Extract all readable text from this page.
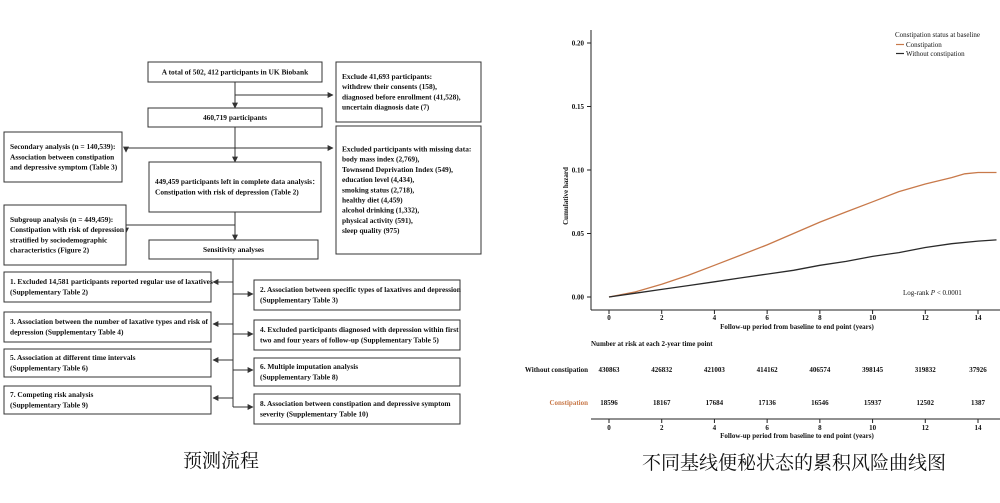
A total of 502, 412 participants in UK Biobank
Exclude 41,693 participants:
withdrew their consents (158),
diagnosed before enrollment (41,528),
uncertain diagnosis date (7)
460,719 participants
Excluded participants with missing data:
body mass index (2,769),
Townsend Deprivation Index (549),
education level (4,434),
smoking status (2,718),
healthy diet (4,459)
alcohol drinking (1,332),
physical activity (591),
sleep quality (975)
Secondary analysis (n = 140,539):
Association between constipation
and depressive symptom (Table 3)
449,459 participants left in complete data analysis：
Constipation with risk of depression (Table 2)
Subgroup analysis (n = 449,459):
Constipation with risk of depression
stratified by sociodemographic
characteristics (Figure 2)	Sensitivity analyses
1. Excluded 14,581 participants reported regular use of laxatives
(Supplementary Table 2)	2. Association between specific types of laxatives and depression
(Supplementary Table 3)
3. Association between the number of laxative types and risk of
depression (Supplementary Table 4)	4. Excluded participants diagnosed with depression within first
two and four years of follow-up (Supplementary Table 5)
5. Association at different time intervals
(Supplementary Table 6)	6. Multiple imputation analysis
(Supplementary Table 8)
7. Competing risk analysis
(Supplementary Table 9)	8. Association between constipation and depressive symptom
severity (Supplementary Table 10)
0.00
0.05
0.10
0.15
0.20
0	2	4	6	8	10	12	14
Cumulative hazard
Follow-up period from baseline to end point (years)
Constipation status at baseline
Constipation
Without constipation
Log-rank P < 0.0001
Number at risk at each 2-year time point
Without constipation 430863	426832	421003	414162	406574	398145	319832	37926
Constipation 18596	18167	17684	17136	16546	15937	12502	1387
0	2	4	6	8	10	12	14
Follow-up period from baseline to end point (years)
预测流程	不同基线便秘状态的累积风险曲线图
